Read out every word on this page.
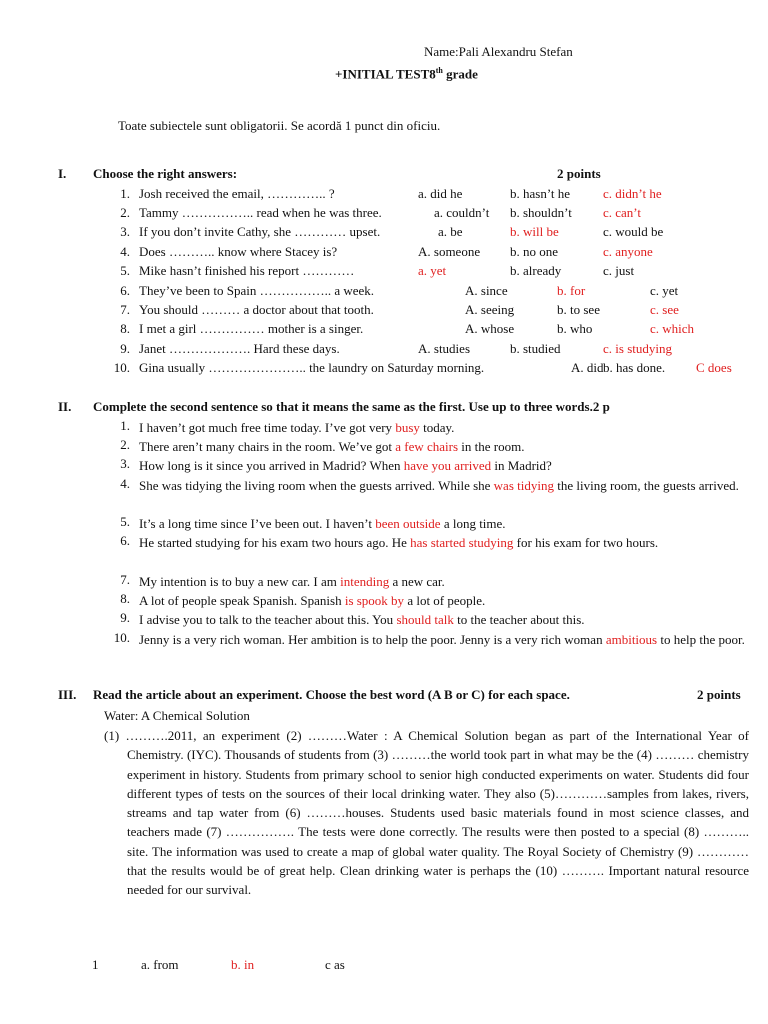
Name:Pali Alexandru Stefan
+INITIAL TEST8th grade
Toate subiectele sunt obligatorii. Se acordă 1 punct din oficiu.
I. Choose the right answers:	2 points
1. Josh received the email, ………….. ?	a. did he	b. hasn’t he	c. didn’t he
2. Tammy …………….. read when he was three.	a. couldn’t b. shouldn’t c. can’t
3. If you don’t invite Cathy, she ………… upset.	a. be	b. will be	c. would be
4. Does ……….. know where Stacey is?	A. someone b. no one	c. anyone
5. Mike hasn’t finished his report …………	a. yet	b. already	c. just
6. They’ve been to Spain …………….. a week.	A. since	b. for	c. yet
7. You should ……… a doctor about that tooth.	A. seeing	b. to see	c. see
8. I met a girl …………… mother is a singer.	A. whose	b. who	c. which
9. Janet ………………. Hard these days.	A. studies	b. studied	c. is studying
10. Gina usually ………………….. the laundry on Saturday morning.	A. did b. has done. C does
II. Complete the second sentence so that it means the same as the first. Use up to three words.2 p
1. I haven’t got much free time today. I’ve got very busy today.
2. There aren’t many chairs in the room. We’ve got a few chairs in the room.
3. How long is it since you arrived in Madrid? When have you arrived in Madrid?
4. She was tidying the living room when the guests arrived. While she was tidying the living room, the guests arrived.
5. It’s a long time since I’ve been out. I haven’t been outside a long time.
6. He started studying for his exam two hours ago. He has started studying for his exam for two hours.
7. My intention is to buy a new car. I am intending a new car.
8. A lot of people speak Spanish. Spanish is spook by a lot of people.
9. I advise you to talk to the teacher about this. You should talk to the teacher about this.
10. Jenny is a very rich woman. Her ambition is to help the poor. Jenny is a very rich woman ambitious to help the poor.
III. Read the article about an experiment. Choose the best word (A B or C) for each space.	2 points
Water: A Chemical Solution
(1) ……….2011, an experiment (2) ………Water : A Chemical Solution began as part of the International Year of Chemistry. (IYC). Thousands of students from (3) ………the world took part in what may be the (4) ……… chemistry experiment in history. Students from primary school to senior high conducted experiments on water. Students did four different types of tests on the sources of their local drinking water. They also (5)…………samples from lakes, rivers, streams and tap water from (6) ………houses. Students used basic materials found in most science classes, and teachers made (7) ……………. The tests were done correctly. The results were then posted to a special (8) ……….. site. The information was used to create a map of global water quality. The Royal Society of Chemistry (9) ………… that the results would be of great help. Clean drinking water is perhaps the (10) ………. Important natural resource needed for our survival.
1	a. from	b. in	c as
